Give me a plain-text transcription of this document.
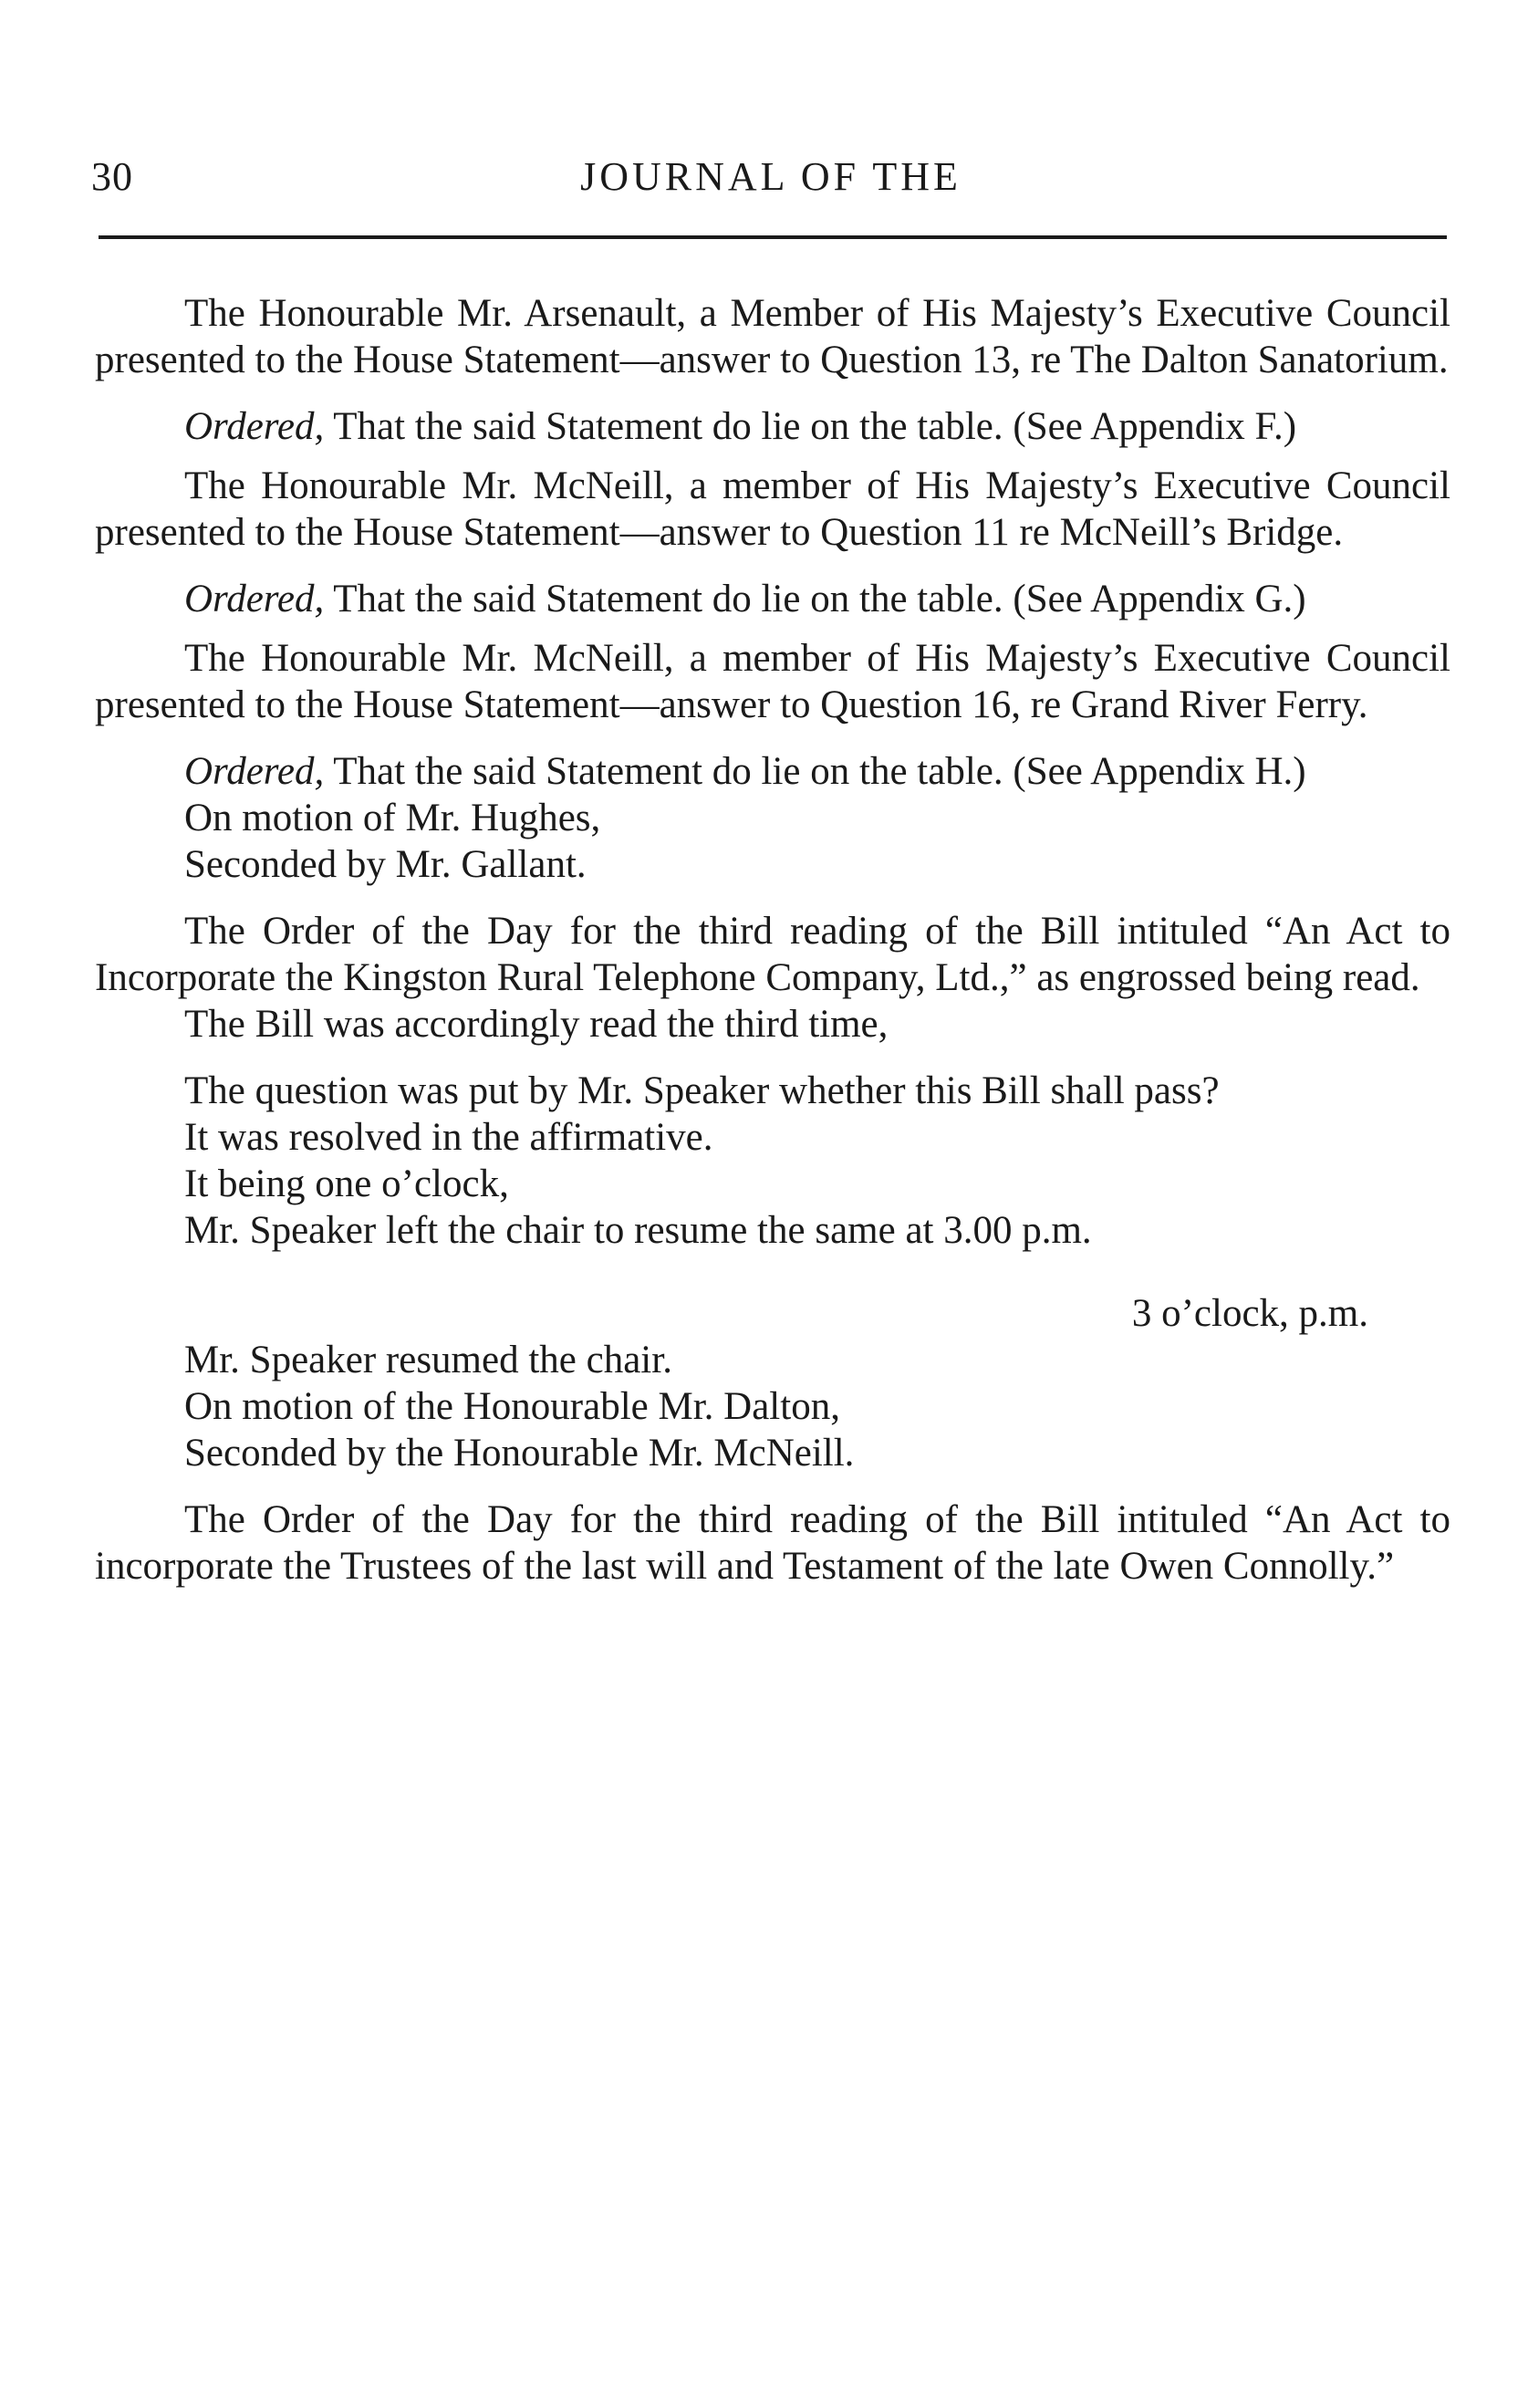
30	JOURNAL OF THE

The Honourable Mr. Arsenault, a Member of His Majesty’s Executive Council presented to the House Statement—answer to Question 13, re The Dalton Sanatorium.

Ordered, That the said Statement do lie on the table. (See Appendix F.)

The Honourable Mr. McNeill, a member of His Majesty’s Executive Council presented to the House Statement—answer to Question 11 re McNeill’s Bridge.

Ordered, That the said Statement do lie on the table. (See Appendix G.)

The Honourable Mr. McNeill, a member of His Majesty’s Executive Council presented to the House Statement—answer to Question 16, re Grand River Ferry.

Ordered, That the said Statement do lie on the table. (See Appendix H.)

On motion of Mr. Hughes,

Seconded by Mr. Gallant.

The Order of the Day for the third reading of the Bill intituled “An Act to Incorporate the Kingston Rural Telephone Company, Ltd.,” as engrossed being read.

The Bill was accordingly read the third time,

The question was put by Mr. Speaker whether this Bill shall pass?

It was resolved in the affirmative.

It being one o’clock,

Mr. Speaker left the chair to resume the same at 3.00 p.m.

3 o’clock, p.m.

Mr. Speaker resumed the chair.

On motion of the Honourable Mr. Dalton,

Seconded by the Honourable Mr. McNeill.

The Order of the Day for the third reading of the Bill intituled “An Act to incorporate the Trustees of the last will and Testament of the late Owen Connolly.”
